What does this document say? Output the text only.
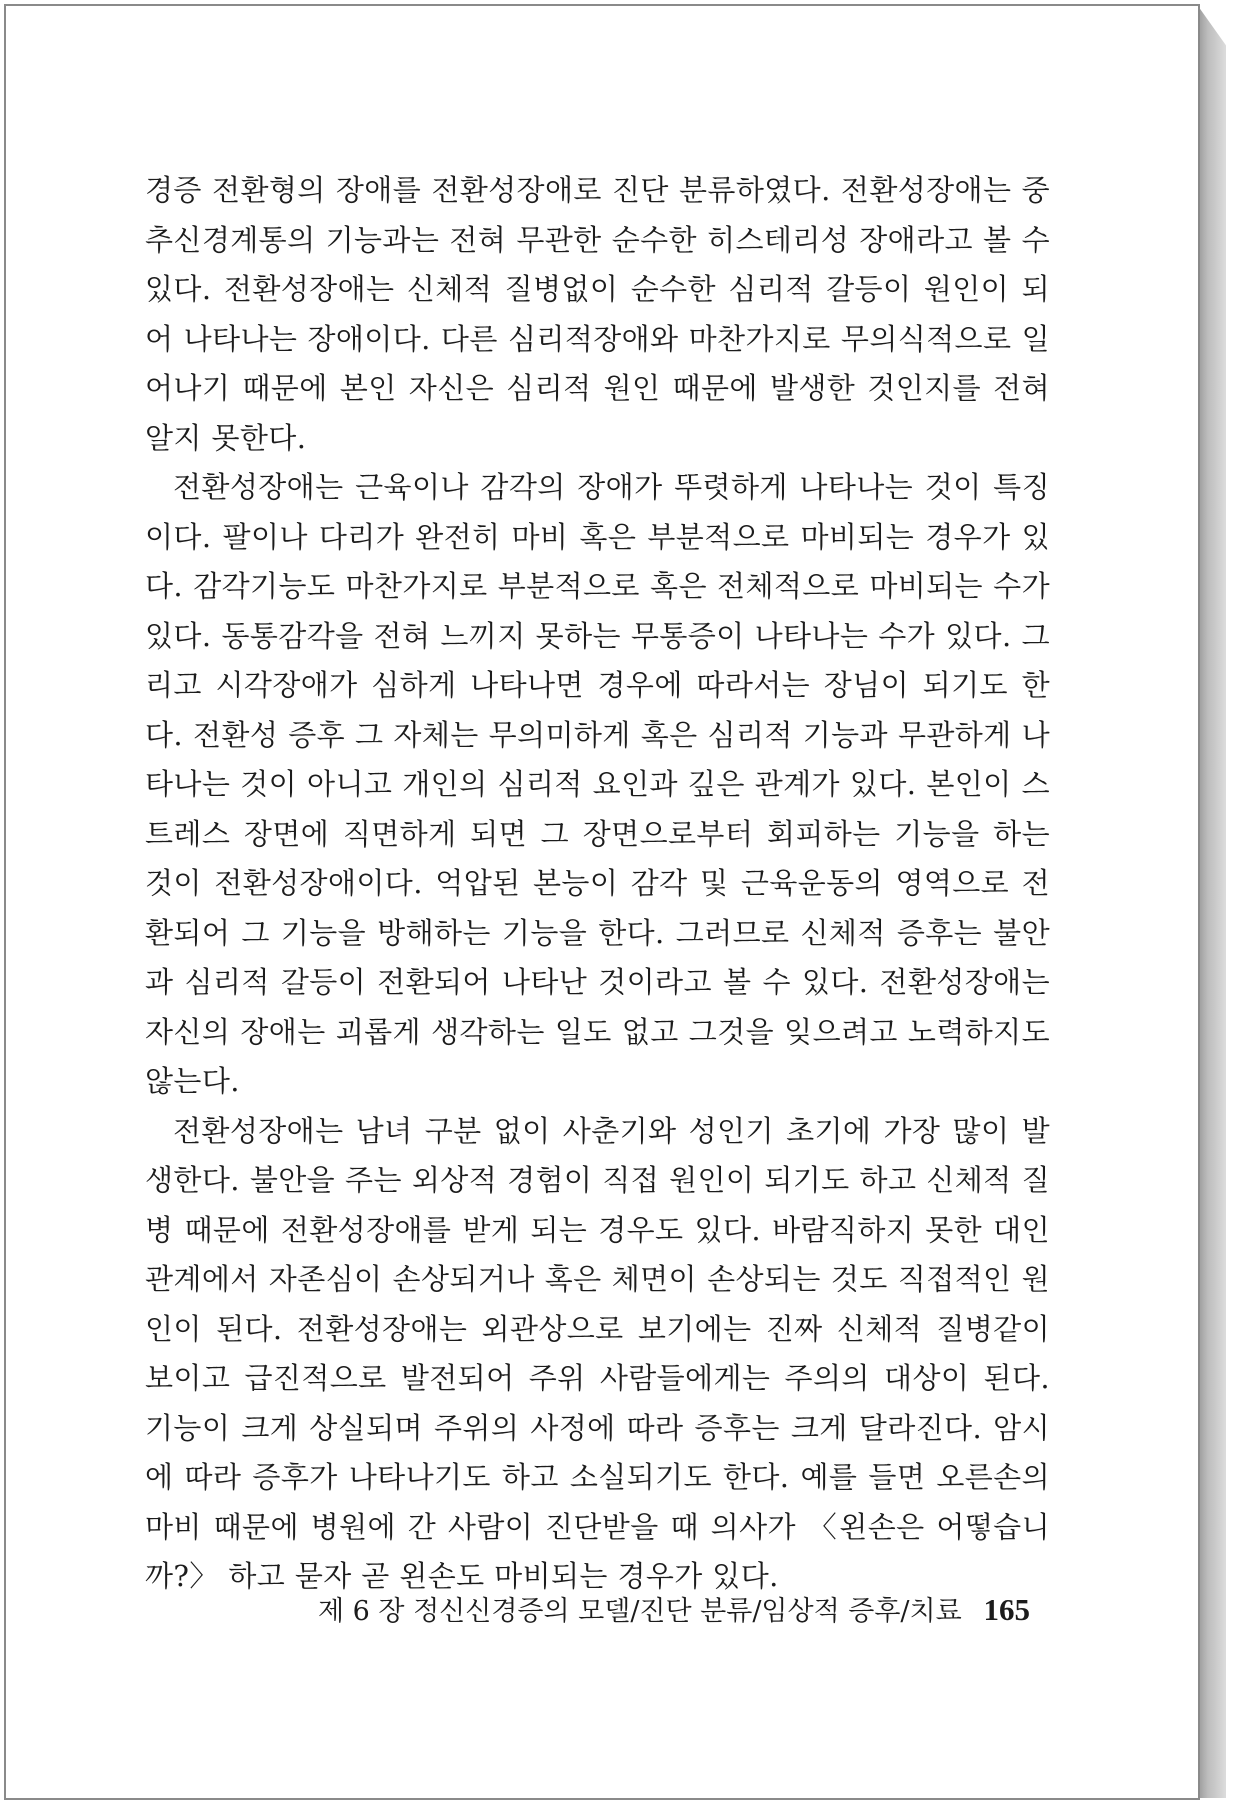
경증 전환형의 장애를 전환성장애로 진단 분류하였다. 전환성장애는 중추신경계통의 기능과는 전혀 무관한 순수한 히스테리성 장애라고 볼 수 있다. 전환성장애는 신체적 질병없이 순수한 심리적 갈등이 원인이 되어 나타나는 장애이다. 다른 심리적장애와 마찬가지로 무의식적으로 일어나기 때문에 본인 자신은 심리적 원인 때문에 발생한 것인지를 전혀 알지 못한다.

전환성장애는 근육이나 감각의 장애가 뚜렷하게 나타나는 것이 특징이다. 팔이나 다리가 완전히 마비 혹은 부분적으로 마비되는 경우가 있다. 감각기능도 마찬가지로 부분적으로 혹은 전체적으로 마비되는 수가 있다. 동통감각을 전혀 느끼지 못하는 무통증이 나타나는 수가 있다. 그리고 시각장애가 심하게 나타나면 경우에 따라서는 장님이 되기도 한다. 전환성 증후 그 자체는 무의미하게 혹은 심리적 기능과 무관하게 나타나는 것이 아니고 개인의 심리적 요인과 깊은 관계가 있다. 본인이 스트레스 장면에 직면하게 되면 그 장면으로부터 회피하는 기능을 하는 것이 전환성장애이다. 억압된 본능이 감각 및 근육운동의 영역으로 전환되어 그 기능을 방해하는 기능을 한다. 그러므로 신체적 증후는 불안과 심리적 갈등이 전환되어 나타난 것이라고 볼 수 있다. 전환성장애는 자신의 장애는 괴롭게 생각하는 일도 없고 그것을 잊으려고 노력하지도 않는다.

전환성장애는 남녀 구분 없이 사춘기와 성인기 초기에 가장 많이 발생한다. 불안을 주는 외상적 경험이 직접 원인이 되기도 하고 신체적 질병 때문에 전환성장애를 받게 되는 경우도 있다. 바람직하지 못한 대인관계에서 자존심이 손상되거나 혹은 체면이 손상되는 것도 직접적인 원인이 된다. 전환성장애는 외관상으로 보기에는 진짜 신체적 질병같이 보이고 급진적으로 발전되어 주위 사람들에게는 주의의 대상이 된다. 기능이 크게 상실되며 주위의 사정에 따라 증후는 크게 달라진다. 암시에 따라 증후가 나타나기도 하고 소실되기도 한다. 예를 들면 오른손의 마비 때문에 병원에 간 사람이 진단받을 때 의사가 〈왼손은 어떻습니까?〉 하고 묻자 곧 왼손도 마비되는 경우가 있다.

제 6 장 정신신경증의 모델/진단 분류/임상적 증후/치료 165
